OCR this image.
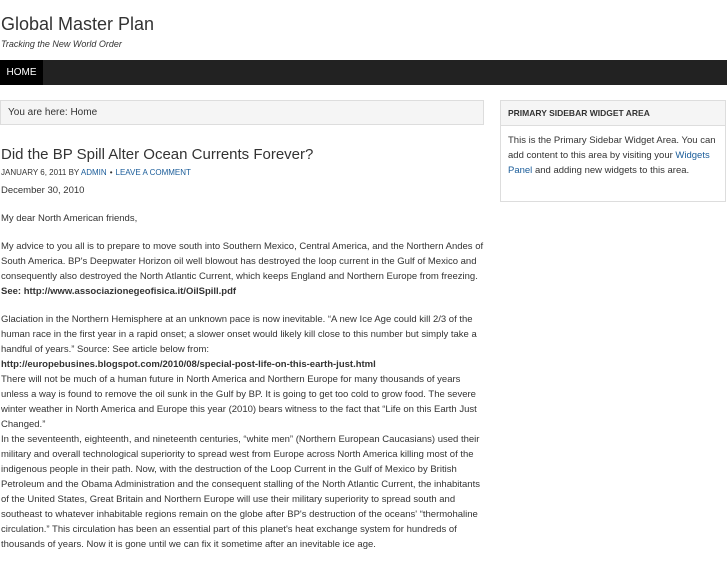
Global Master Plan
Tracking the New World Order
HOME
You are here: Home
Did the BP Spill Alter Ocean Currents Forever?
JANUARY 6, 2011 BY ADMIN • LEAVE A COMMENT

December 30, 2010

My dear North American friends,

My advice to you all is to prepare to move south into Southern Mexico, Central America, and the Northern Andes of South America. BP's Deepwater Horizon oil well blowout has destroyed the loop current in the Gulf of Mexico and consequently also destroyed the North Atlantic Current, which keeps England and Northern Europe from freezing. See: http://www.associazionegeofisica.it/OilSpill.pdf

Glaciation in the Northern Hemisphere at an unknown pace is now inevitable. “A new Ice Age could kill 2/3 of the human race in the first year in a rapid onset; a slower onset would likely kill close to this number but simply take a handful of years.” Source: See article below from:
http://europebusines.blogspot.com/2010/08/special-post-life-on-this-earth-just.html
There will not be much of a human future in North America and Northern Europe for many thousands of years unless a way is found to remove the oil sunk in the Gulf by BP. It is going to get too cold to grow food. The severe winter weather in North America and Europe this year (2010) bears witness to the fact that “Life on this Earth Just Changed.”
In the seventeenth, eighteenth, and nineteenth centuries, “white men” (Northern European Caucasians) used their military and overall technological superiority to spread west from Europe across North America killing most of the indigenous people in their path. Now, with the destruction of the Loop Current in the Gulf of Mexico by British Petroleum and the Obama Administration and the consequent stalling of the North Atlantic Current, the inhabitants of the United States, Great Britain and Northern Europe will use their military superiority to spread south and southeast to whatever inhabitable regions remain on the globe after BP's destruction of the oceans' “thermohaline circulation.” This circulation has been an essential part of this planet's heat exchange system for hundreds of thousands of years. Now it is gone until we can fix it sometime after an inevitable ice age.

PRIMARY SIDEBAR WIDGET AREA
This is the Primary Sidebar Widget Area. You can add content to this area by visiting your Widgets Panel and adding new widgets to this area.
